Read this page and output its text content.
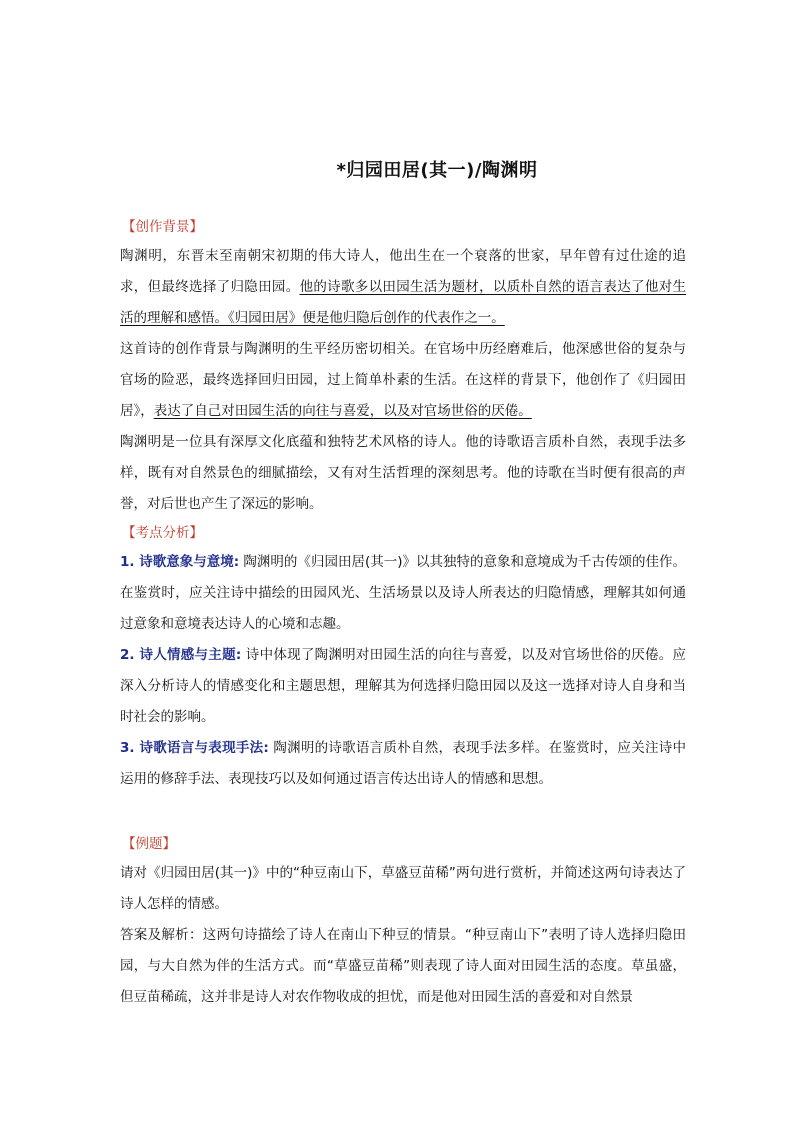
*归园田居(其一)/陶渊明
【创作背景】

陶渊明，东晋末至南朝宋初期的伟大诗人，他出生在一个衰落的世家，早年曾有过仕途的追求，但最终选择了归隐田园。他的诗歌多以田园生活为题材，以质朴自然的语言表达了他对生活的理解和感悟。《归园田居》便是他归隐后创作的代表作之一。

这首诗的创作背景与陶渊明的生平经历密切相关。在官场中历经磨难后，他深感世俗的复杂与官场的险恶，最终选择回归田园，过上简单朴素的生活。在这样的背景下，他创作了《归园田居》，表达了自己对田园生活的向往与喜爱，以及对官场世俗的厌倦。

陶渊明是一位具有深厚文化底蕴和独特艺术风格的诗人。他的诗歌语言质朴自然，表现手法多样，既有对自然景色的细腻描绘，又有对生活哲理的深刻思考。他的诗歌在当时便有很高的声誉，对后世也产生了深远的影响。

【考点分析】

1. 诗歌意象与意境: 陶渊明的《归园田居(其一)》以其独特的意象和意境成为千古传颂的佳作。在鉴赏时，应关注诗中描绘的田园风光、生活场景以及诗人所表达的归隐情感，理解其如何通过意象和意境表达诗人的心境和志趣。

2. 诗人情感与主题: 诗中体现了陶渊明对田园生活的向往与喜爱，以及对官场世俗的厌倦。应深入分析诗人的情感变化和主题思想，理解其为何选择归隐田园以及这一选择对诗人自身和当时社会的影响。

3. 诗歌语言与表现手法: 陶渊明的诗歌语言质朴自然，表现手法多样。在鉴赏时，应关注诗中运用的修辞手法、表现技巧以及如何通过语言传达出诗人的情感和思想。

【例题】

请对《归园田居(其一)》中的“种豆南山下，草盛豆苗稀”两句进行赏析，并简述这两句诗表达了诗人怎样的情感。

答案及解析：这两句诗描绘了诗人在南山下种豆的情景。“种豆南山下”表明了诗人选择归隐田园，与大自然为伴的生活方式。而“草盛豆苗稀”则表现了诗人面对田园生活的态度。草虽盛，但豆苗稀疏，这并非是诗人对农作物收成的担忧，而是他对田园生活的喜爱和对自然景
